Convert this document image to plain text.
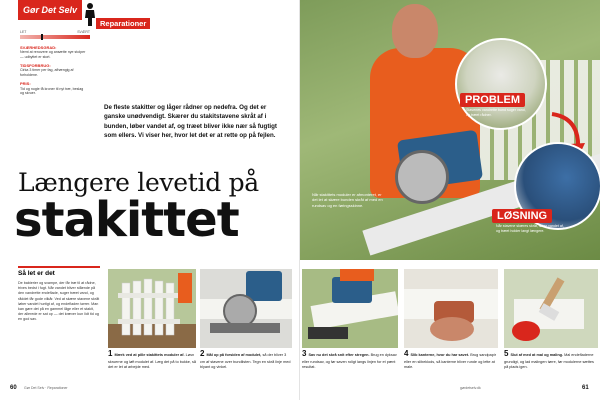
Gør Det Selv
Reparationer
LET	SVÆRT
SVÆRHEDSGRAD:
Nemt at renovere og ansætte nye stolper — udbyttet er stort.
TIDSFORBRUG:
Cirka 3 timer per fag, afhængig af forholdene.
PRIS:
Tid og nogle få kroner til nyt træ, beslag og skruer.
De fleste stakitter og låger rådner op nedefra. Og det er ganske unødvendigt. Skærer du stakitstavene skråt af i bunden, løber vandet af, og træet bliver ikke nær så fugtigt som ellers. Vi viser her, hvor let det er at rette op på fejlen.
Længere levetid på
stakittet
Så let er det
De bakterier og svampe, der får træ til at rådne, trives bedst i fugt. Når vandet bliver stående på den vandrette endeflade, suger træet vand, og råddet får gode vilkår. Ved at skære stavene skråt løber vandet hurtigt af, og endefladen tørrer. Man kan gøre det på en gammel låge eller et stakit, der allerede er sat op — det kræver kun lidt tid og en god sav.
1 Mærk ved at pille stakittets moduler af. Løsn skruerne og løft modulet af. Læg det på to bukke, så det er let at arbejde med.
2 Mål op på forsiden af modulet, så der bliver 3 cm af stavene over bundlisten. Tegn en skrå linje med blyant og vinkel.
60 Gør Det Selv · Reparationer
Når stakittets moduler er afmonteret, er det let at skære bunden skråt af med en rundsav og en føringsskinne.
3 Sav nu det skrå snit efter stregen. Brug en dyksav eller rundsav, og før saven roligt langs linjen for et pænt resultat.
4 Slib kanterne, hvor du har savet. Brug sandpapir eller en slibeklods, så kanterne bliver runde og lette at male.
5 Slut af med at mal og maling. Mal endefladerne grundigt, og lad malingen tørre, før modulerne sættes på plads igen.
gørdetselv.dk	61
PROBLEM
Stavenes vandrette bund suger vand, og træet rådner.
LØSNING
Når stavene skæres skråt, løber vandet af, og træet holder langt længere.
